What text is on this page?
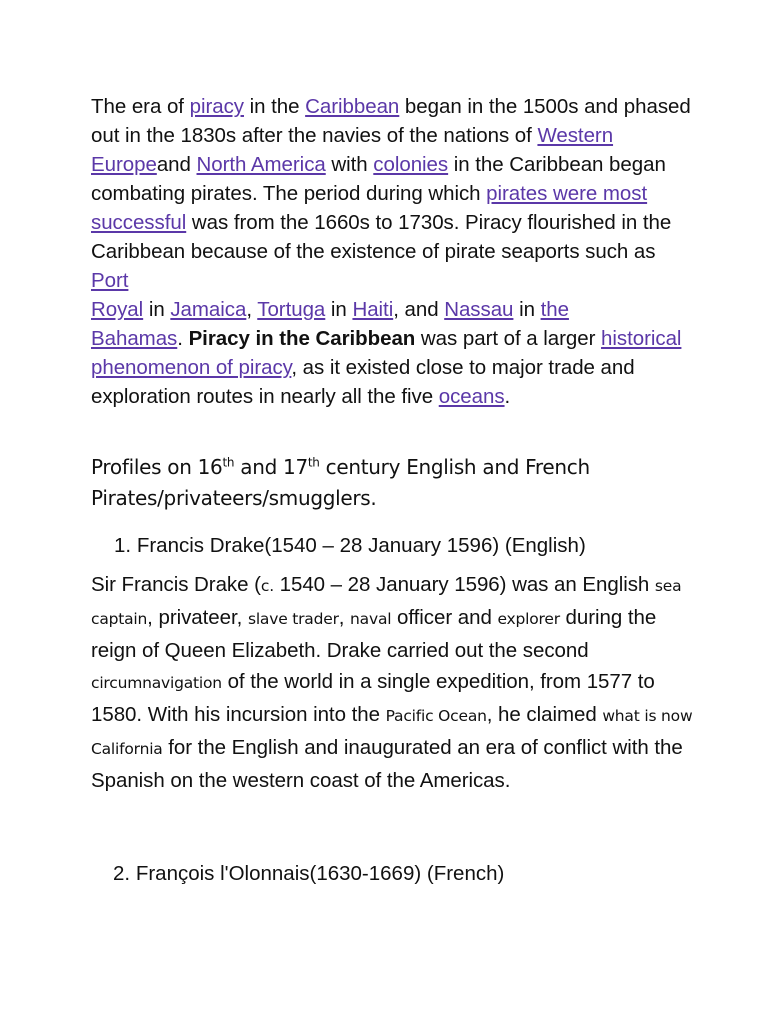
The era of piracy in the Caribbean began in the 1500s and phased out in the 1830s after the navies of the nations of Western Europeand North America with colonies in the Caribbean began combating pirates. The period during which pirates were most successful was from the 1660s to 1730s. Piracy flourished in the Caribbean because of the existence of pirate seaports such as Port
Royal in Jamaica, Tortuga in Haiti, and Nassau in the
Bahamas. Piracy in the Caribbean was part of a larger historical phenomenon of piracy, as it existed close to major trade and exploration routes in nearly all the five oceans.
Profiles on 16th and 17th century English and French Pirates/privateers/smugglers.
1. Francis Drake(1540 – 28 January 1596) (English)
Sir Francis Drake (c. 1540 – 28 January 1596) was an English sea captain, privateer, slave trader, naval officer and explorer during the reign of Queen Elizabeth. Drake carried out the second circumnavigation of the world in a single expedition, from 1577 to 1580. With his incursion into the Pacific Ocean, he claimed what is now California for the English and inaugurated an era of conflict with the Spanish on the western coast of the Americas.
2. François l'Olonnais(1630-1669) (French)
